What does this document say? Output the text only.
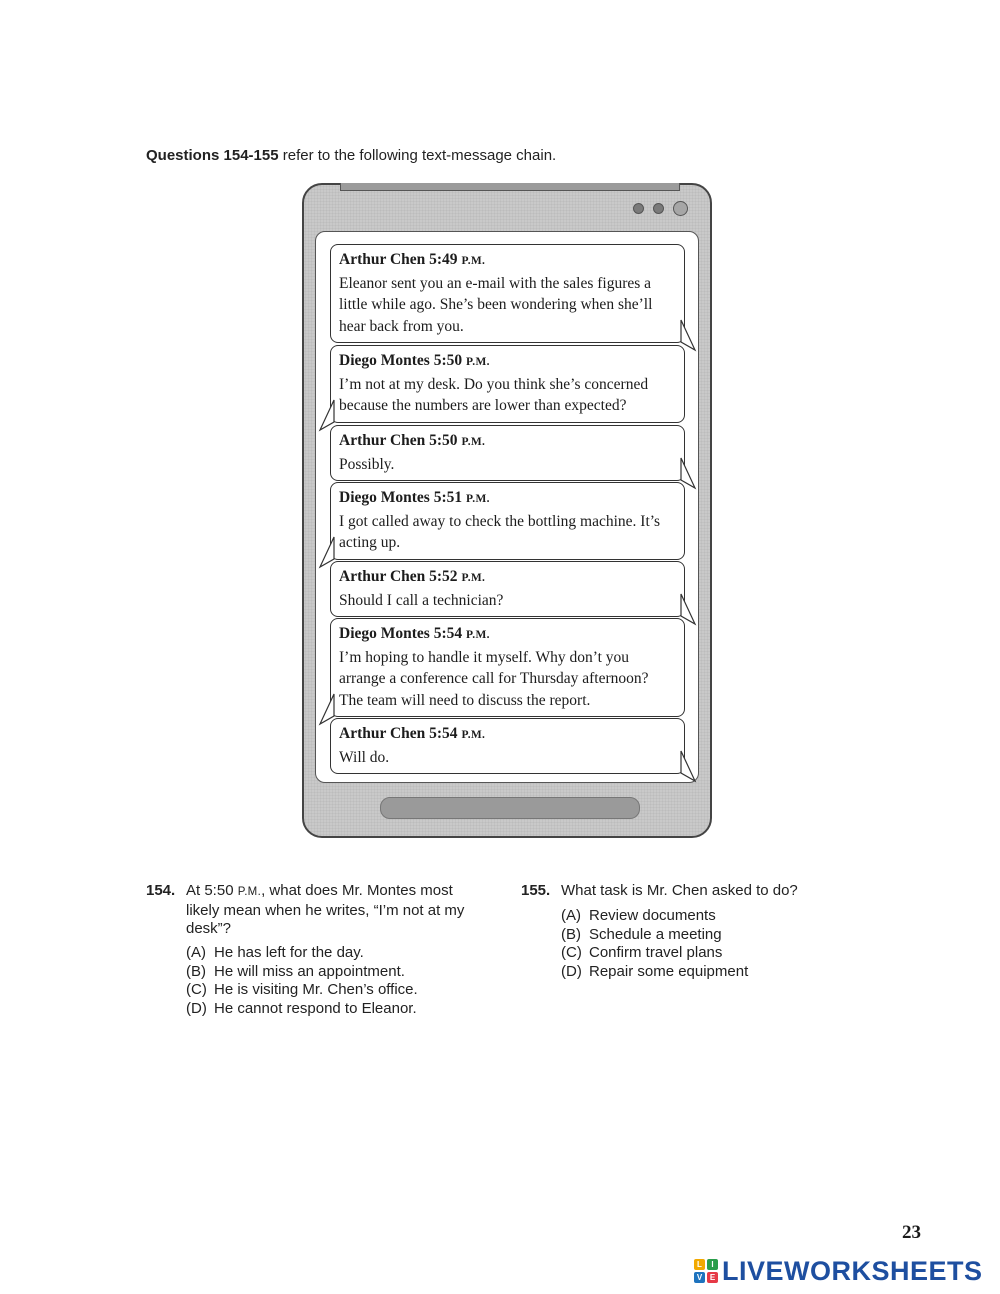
Questions 154-155 refer to the following text-message chain.
Arthur Chen 5:49 P.M.
Eleanor sent you an e-mail with the sales figures a little while ago. She’s been wondering when she’ll hear back from you.
Diego Montes 5:50 P.M.
I’m not at my desk. Do you think she’s concerned because the numbers are lower than expected?
Arthur Chen 5:50 P.M.
Possibly.
Diego Montes 5:51 P.M.
I got called away to check the bottling machine. It’s acting up.
Arthur Chen 5:52 P.M.
Should I call a technician?
Diego Montes 5:54 P.M.
I’m hoping to handle it myself. Why don’t you arrange a conference call for Thursday afternoon? The team will need to discuss the report.
Arthur Chen 5:54 P.M.
Will do.
154. At 5:50 P.M., what does Mr. Montes most likely mean when he writes, “I’m not at my desk”?
(A) He has left for the day.
(B) He will miss an appointment.
(C) He is visiting Mr. Chen’s office.
(D) He cannot respond to Eleanor.
155. What task is Mr. Chen asked to do?
(A) Review documents
(B) Schedule a meeting
(C) Confirm travel plans
(D) Repair some equipment
23
L	I
V E LIVEWORKSHEETS
